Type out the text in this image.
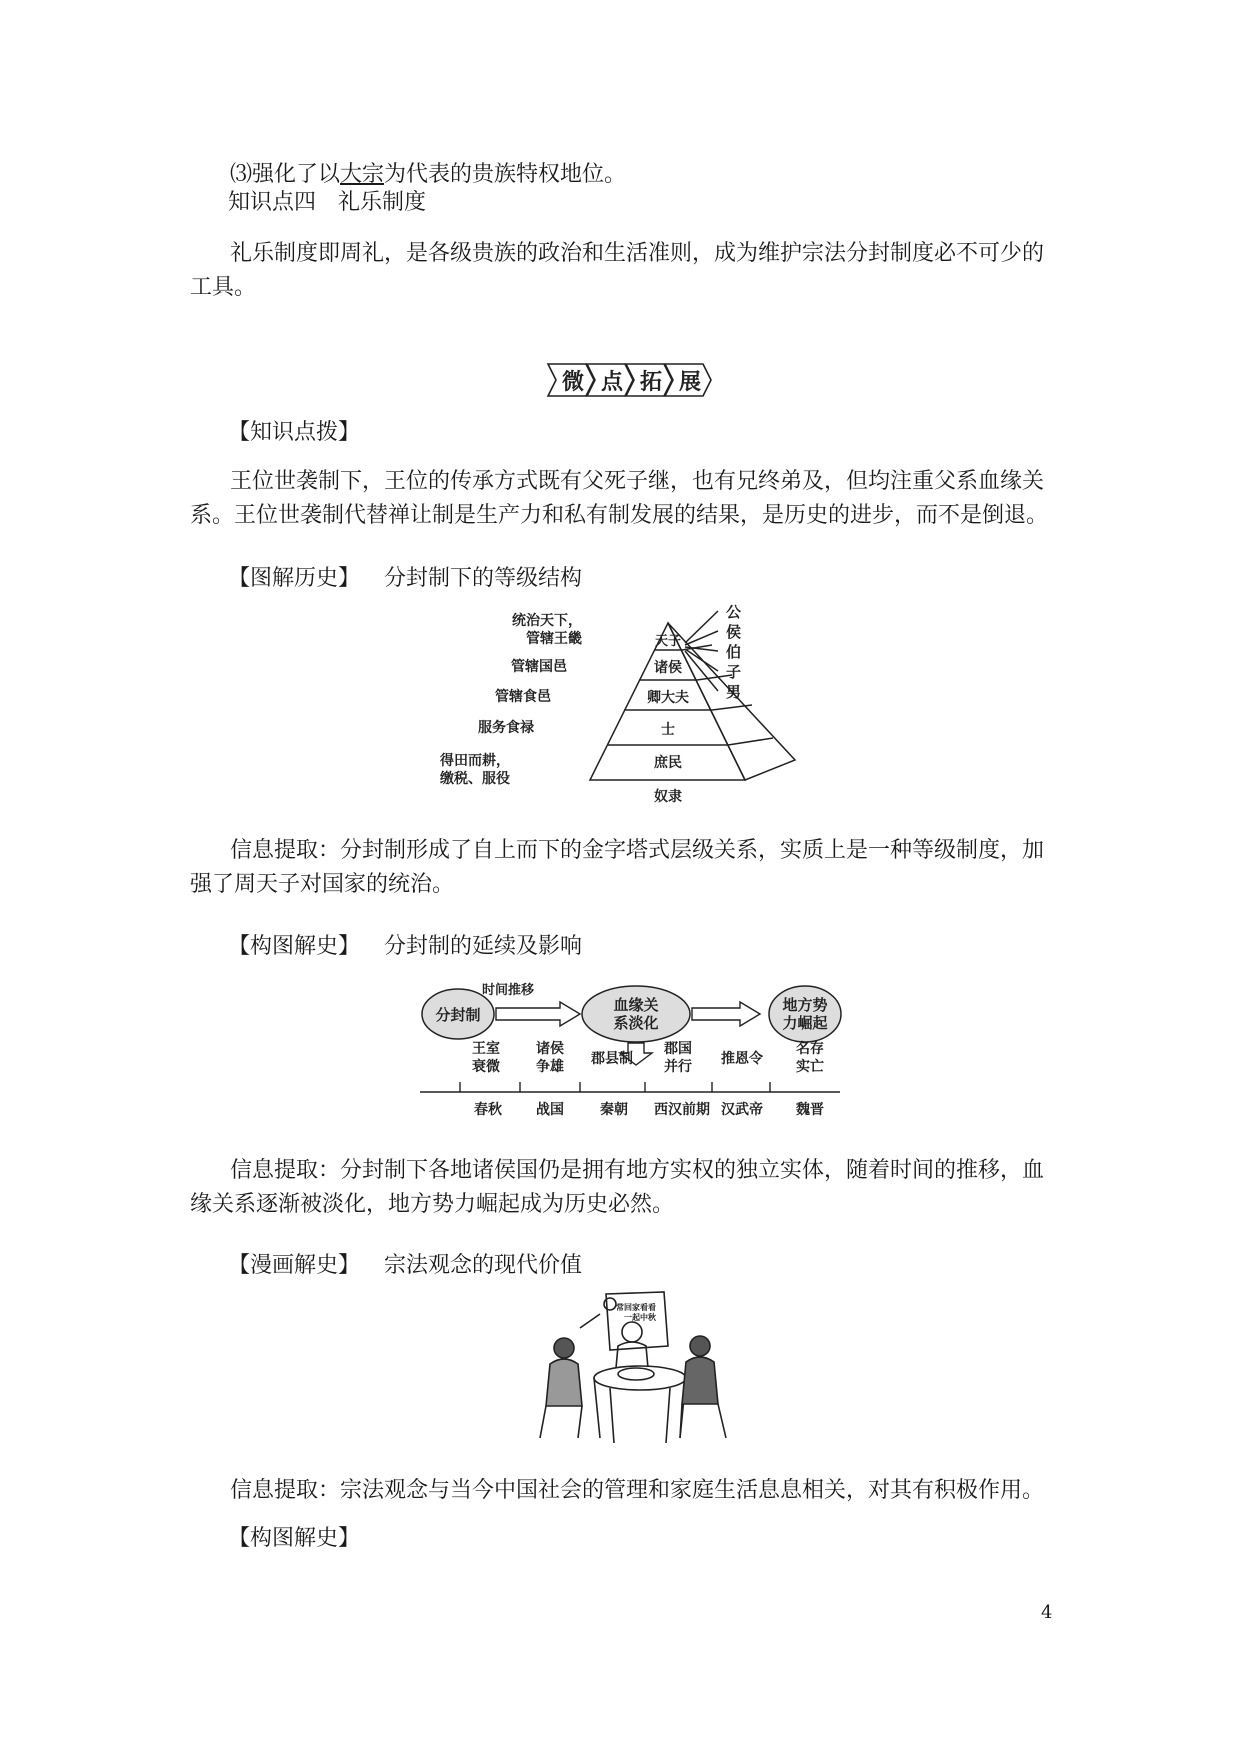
⑶强化了以大宗为代表的贵族特权地位。
知识点四　礼乐制度
礼乐制度即周礼，是各级贵族的政治和生活准则，成为维护宗法分封制度必不可少的工具。
微 点 拓 展
【知识点拨】
王位世袭制下，王位的传承方式既有父死子继，也有兄终弟及，但均注重父系血缘关系。王位世袭制代替禅让制是生产力和私有制发展的结果，是历史的进步，而不是倒退。
【图解历史】 分封制下的等级结构
天子
诸侯
卿大夫
士
庶民
奴隶
统治天下，
管辖王畿
管辖国邑
管辖食邑
服务食禄
得田而耕，
缴税、服役
公
侯
伯
子
男
信息提取：分封制形成了自上而下的金字塔式层级关系，实质上是一种等级制度，加强了周天子对国家的统治。
【构图解史】 分封制的延续及影响
分封制
血缘关
系淡化
地方势
力崛起
时间推移
王室
衰微
诸侯
争雄 郡县制
郡国
并行 推恩令
名存
实亡
春秋 战国	秦朝 西汉前期 汉武帝 魏晋
信息提取：分封制下各地诸侯国仍是拥有地方实权的独立实体，随着时间的推移，血缘关系逐渐被淡化，地方势力崛起成为历史必然。
【漫画解史】 宗法观念的现代价值
常回家看看
一起中秋
信息提取：宗法观念与当今中国社会的管理和家庭生活息息相关，对其有积极作用。
【构图解史】
4
